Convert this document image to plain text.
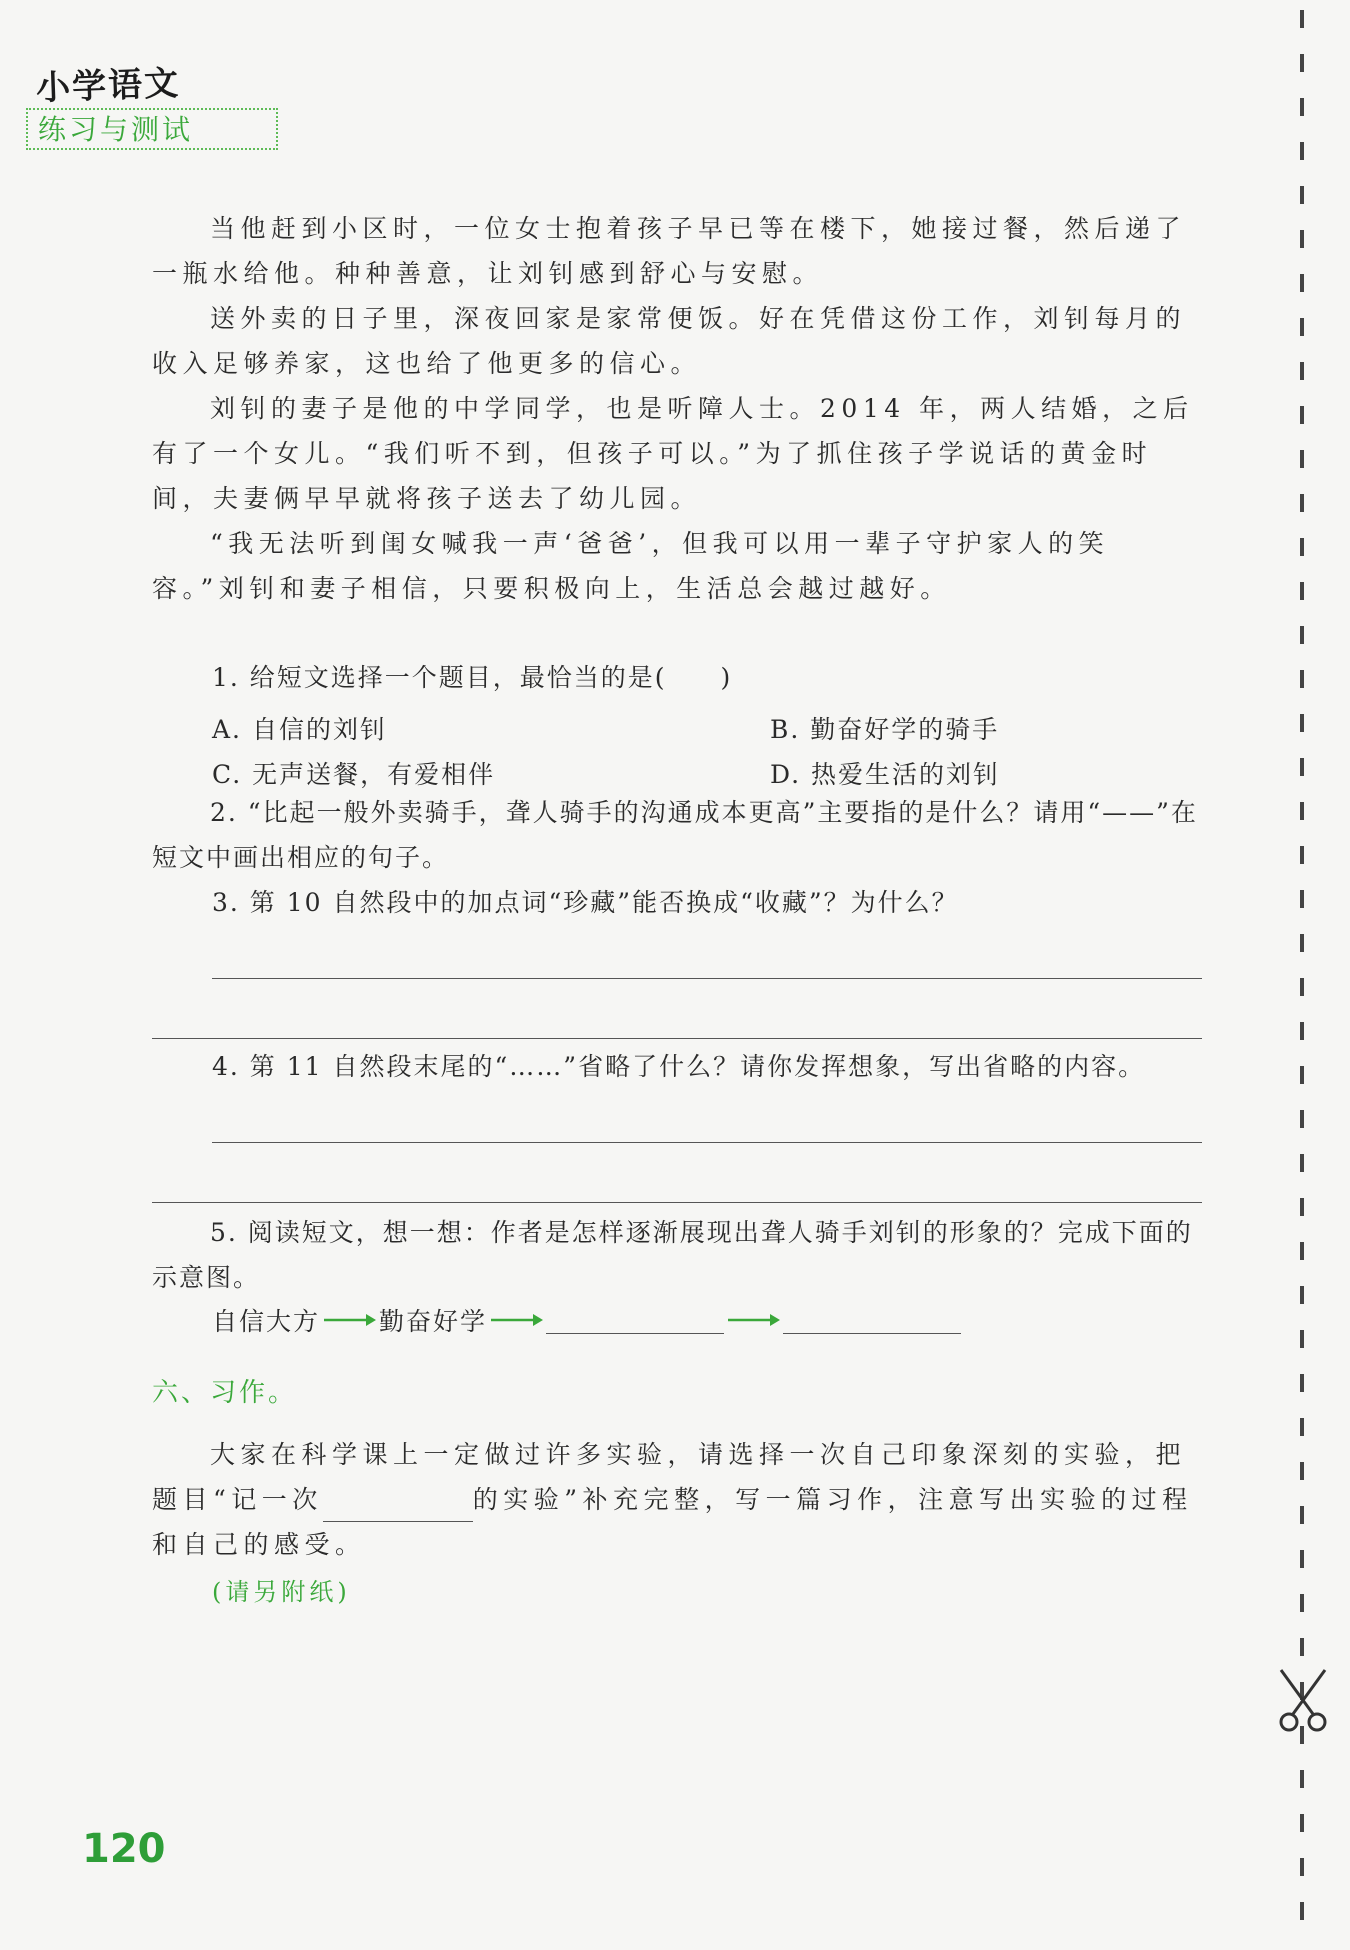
小学语文
练习与测试

当他赶到小区时，一位女士抱着孩子早已等在楼下，她接过餐，然后递了一瓶水给他。种种善意，让刘钊感到舒心与安慰。

送外卖的日子里，深夜回家是家常便饭。好在凭借这份工作，刘钊每月的收入足够养家，这也给了他更多的信心。

刘钊的妻子是他的中学同学，也是听障人士。2014 年，两人结婚，之后有了一个女儿。“我们听不到，但孩子可以。”为了抓住孩子学说话的黄金时间，夫妻俩早早就将孩子送去了幼儿园。

“我无法听到闺女喊我一声‘爸爸’，但我可以用一辈子守护家人的笑容。”刘钊和妻子相信，只要积极向上，生活总会越过越好。

1. 给短文选择一个题目，最恰当的是(　　)
A. 自信的刘钊	B. 勤奋好学的骑手
C. 无声送餐，有爱相伴	D. 热爱生活的刘钊
2. “比起一般外卖骑手，聋人骑手的沟通成本更高”主要指的是什么？请用“——”在短文中画出相应的句子。
3. 第 10 自然段中的加点词“珍藏”能否换成“收藏”？为什么？
4. 第 11 自然段末尾的“……”省略了什么？请你发挥想象，写出省略的内容。
5. 阅读短文，想一想：作者是怎样逐渐展现出聋人骑手刘钊的形象的？完成下面的示意图。
自信大方 勤奋好学
六、习作。

大家在科学课上一定做过许多实验，请选择一次自己印象深刻的实验，把题目“记一次	的实验”补充完整，写一篇习作，注意写出实验的过程和自己的感受。

(请另附纸)
120
